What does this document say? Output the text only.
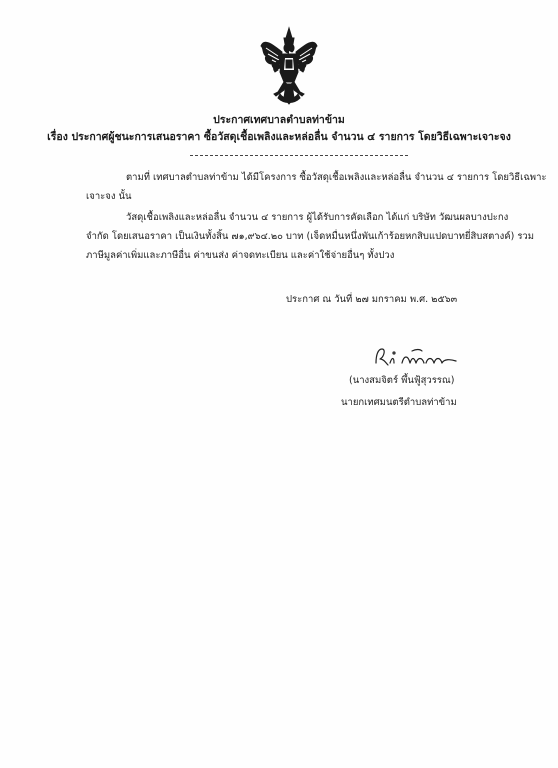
ประกาศเทศบาลตำบลท่าข้าม
เรื่อง ประกาศผู้ชนะการเสนอราคา ซื้อวัสดุเชื้อเพลิงและหล่อลื่น จำนวน ๔ รายการ โดยวิธีเฉพาะเจาะจง
ตามที่ เทศบาลตำบลท่าข้าม ได้มีโครงการ ซื้อวัสดุเชื้อเพลิงและหล่อลื่น จำนวน ๔ รายการ โดยวิธีเฉพาะ
เจาะจง นั้น
วัสดุเชื้อเพลิงและหล่อลื่น จำนวน ๔ รายการ ผู้ได้รับการคัดเลือก ได้แก่ บริษัท วัฒนผลบางปะกง
จำกัด โดยเสนอราคา เป็นเงินทั้งสิ้น ๗๑,๙๖๔.๒๐ บาท (เจ็ดหมื่นหนึ่งพันเก้าร้อยหกสิบแปดบาทยี่สิบสตางค์) รวม
ภาษีมูลค่าเพิ่มและภาษีอื่น ค่าขนส่ง ค่าจดทะเบียน และค่าใช้จ่ายอื่นๆ ทั้งปวง
ประกาศ ณ วันที่ ๒๗ มกราคม พ.ศ. ๒๕๖๓
(นางสมจิตร์ พึ้นฟู้สุวรรณ)
นายกเทศมนตรีตำบลท่าข้าม
